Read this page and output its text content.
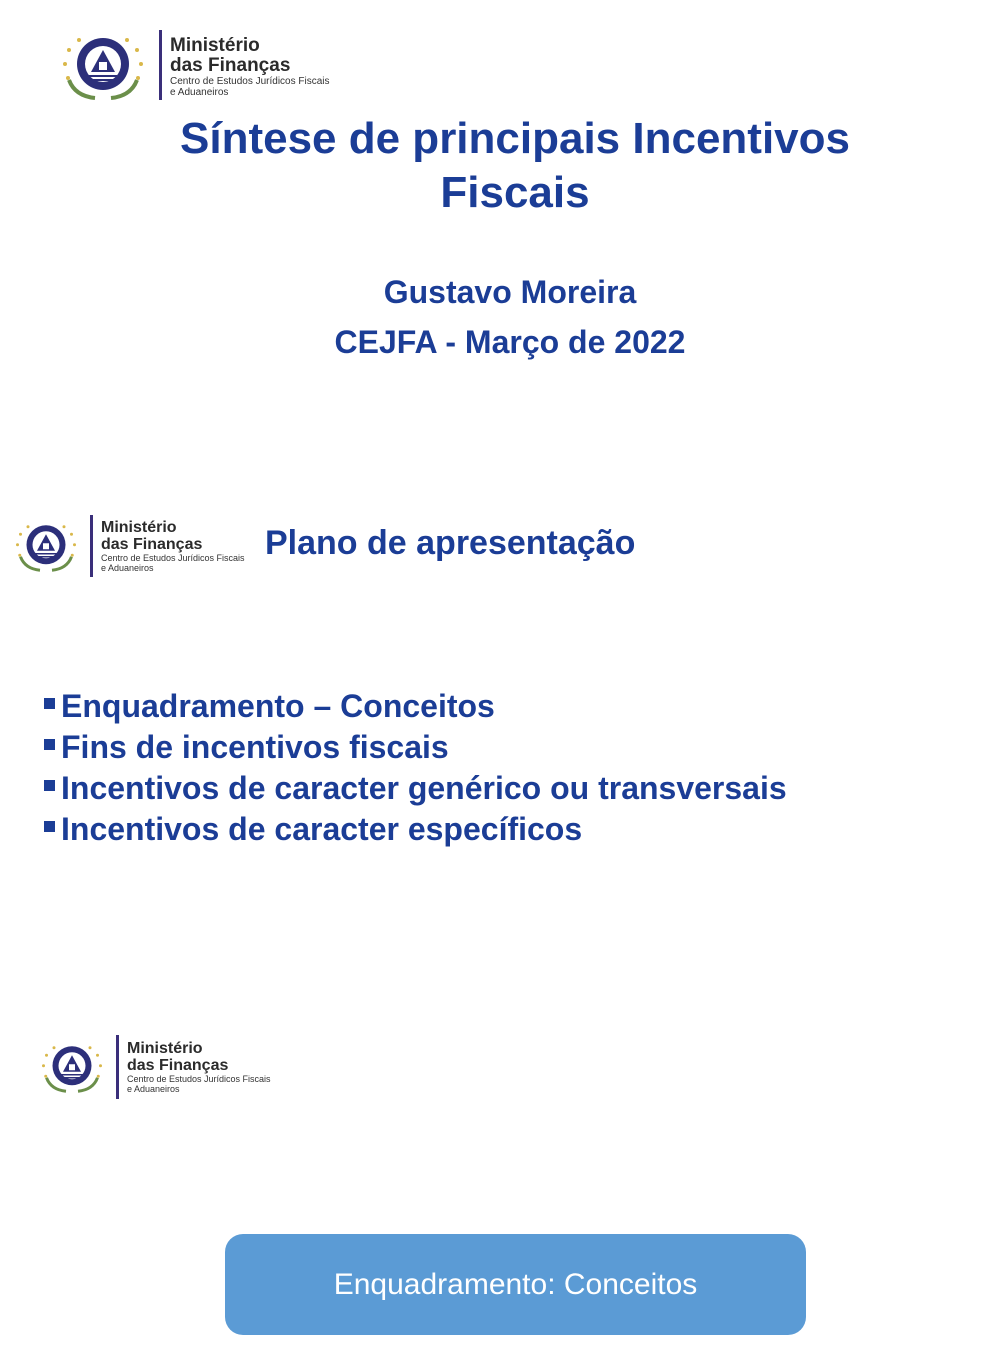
Ministério
das Finanças
Centro de Estudos Jurídicos Fiscais
e Aduaneiros
Síntese de principais Incentivos
Fiscais

Gustavo Moreira

CEJFA - Março de 2022

Ministério
das Finanças
Centro de Estudos Jurídicos Fiscais
e Aduaneiros
Plano de apresentação
Enquadramento – Conceitos
Fins de incentivos fiscais
Incentivos de caracter genérico ou transversais
Incentivos de caracter específicos
Ministério
das Finanças
Centro de Estudos Jurídicos Fiscais
e Aduaneiros
Enquadramento: Conceitos
